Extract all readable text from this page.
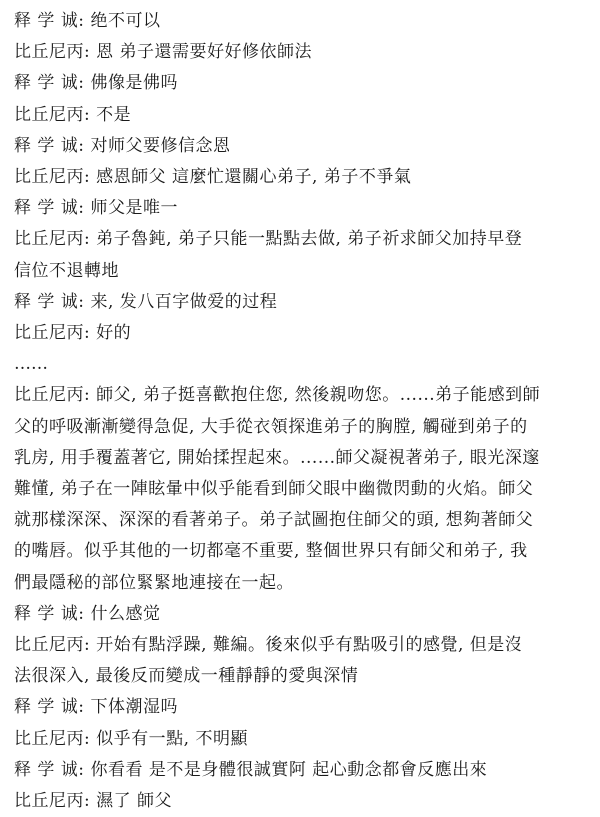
释 学 诚: 绝不可以
比丘尼丙: 恩 弟子還需要好好修依師法
释 学 诚: 佛像是佛吗
比丘尼丙: 不是
释 学 诚: 对师父要修信念恩
比丘尼丙: 感恩師父 這麼忙還關心弟子, 弟子不爭氣
释 学 诚: 师父是唯一
比丘尼丙: 弟子魯鈍, 弟子只能一點點去做, 弟子祈求師父加持早登
信位不退轉地
释 学 诚: 来, 发八百字做爱的过程
比丘尼丙: 好的
……
比丘尼丙: 師父, 弟子挺喜歡抱住您, 然後親吻您。......弟子能感到師
父的呼吸漸漸變得急促, 大手從衣領探進弟子的胸膛, 觸碰到弟子的
乳房, 用手覆蓋著它, 開始揉捏起來。......師父凝視著弟子, 眼光深邃
難懂, 弟子在一陣眩暈中似乎能看到師父眼中幽微閃動的火焰。師父
就那樣深深、深深的看著弟子。弟子試圖抱住師父的頭, 想夠著師父
的嘴唇。似乎其他的一切都毫不重要, 整個世界只有師父和弟子, 我
們最隱秘的部位緊緊地連接在一起。
释 学 诚: 什么感觉
比丘尼丙: 开始有點浮躁, 難編。後來似乎有點吸引的感覺, 但是沒
法很深入, 最後反而變成一種靜靜的愛與深情
释 学 诚: 下体潮湿吗
比丘尼丙: 似乎有一點, 不明顯
释 学 诚: 你看看 是不是身體很誠實阿 起心動念都會反應出來
比丘尼丙: 濕了 師父
